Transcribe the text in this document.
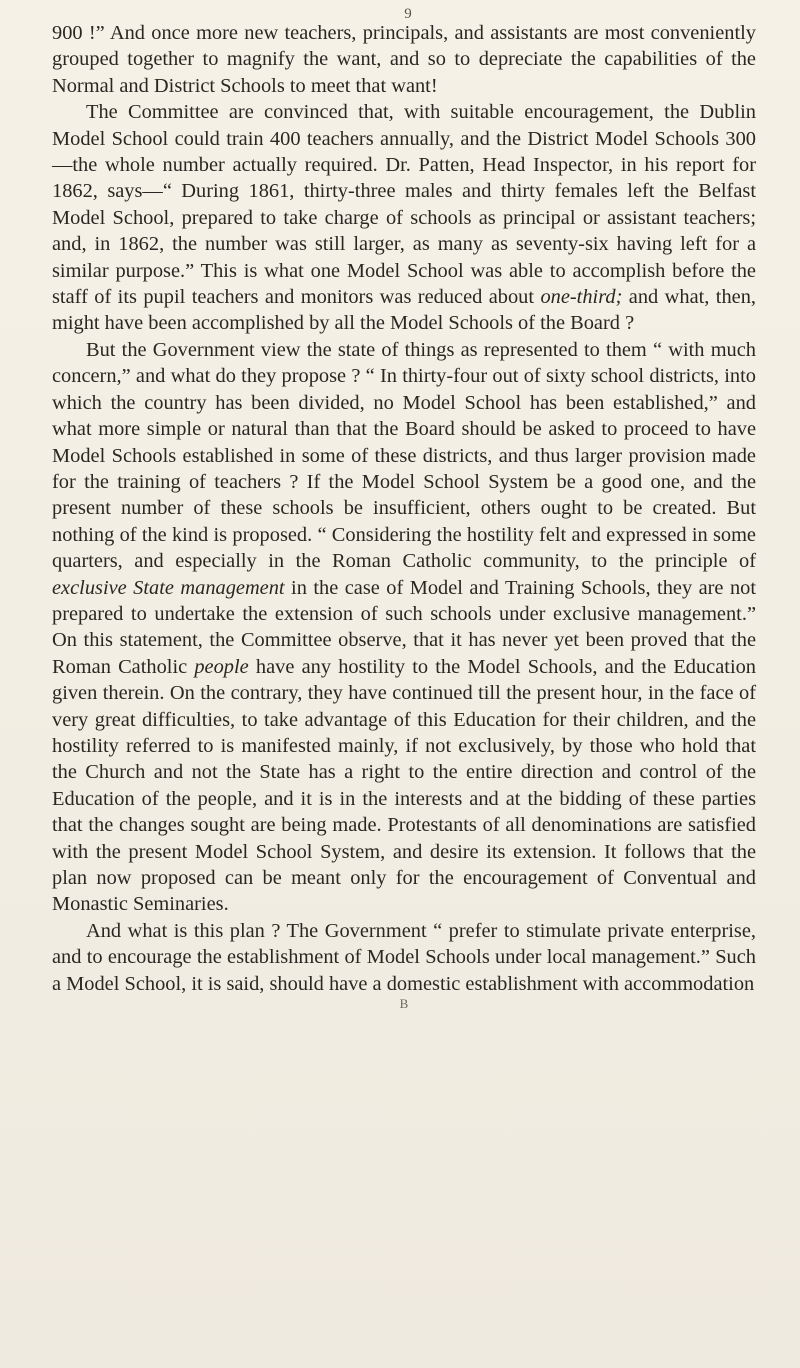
9

900 !” And once more new teachers, principals, and assistants are most conveniently grouped together to magnify the want, and so to depreciate the capabilities of the Normal and District Schools to meet that want!

The Committee are convinced that, with suitable encouragement, the Dublin Model School could train 400 teachers annually, and the District Model Schools 300—the whole number actually required. Dr. Patten, Head Inspector, in his report for 1862, says—“ During 1861, thirty-three males and thirty females left the Belfast Model School, prepared to take charge of schools as principal or assistant teachers; and, in 1862, the number was still larger, as many as seventy-six having left for a similar purpose.” This is what one Model School was able to accomplish before the staff of its pupil teachers and monitors was reduced about one-third; and what, then, might have been accomplished by all the Model Schools of the Board ?

But the Government view the state of things as represented to them “ with much concern,” and what do they propose ? “ In thirty-four out of sixty school districts, into which the country has been divided, no Model School has been established,” and what more simple or natural than that the Board should be asked to proceed to have Model Schools established in some of these districts, and thus larger provision made for the training of teachers ? If the Model School System be a good one, and the present number of these schools be insufficient, others ought to be created. But nothing of the kind is proposed. “ Considering the hostility felt and expressed in some quarters, and especially in the Roman Catholic community, to the principle of exclusive State management in the case of Model and Training Schools, they are not prepared to undertake the extension of such schools under exclusive management.” On this statement, the Committee observe, that it has never yet been proved that the Roman Catholic people have any hostility to the Model Schools, and the Education given therein. On the contrary, they have continued till the present hour, in the face of very great difficulties, to take advantage of this Education for their children, and the hostility referred to is manifested mainly, if not exclusively, by those who hold that the Church and not the State has a right to the entire direction and control of the Education of the people, and it is in the interests and at the bidding of these parties that the changes sought are being made. Protestants of all denominations are satisfied with the present Model School System, and desire its extension. It follows that the plan now proposed can be meant only for the encouragement of Conventual and Monastic Seminaries.

And what is this plan ? The Government “ prefer to stimulate private enterprise, and to encourage the establishment of Model Schools under local management.” Such a Model School, it is said, should have a domestic establishment with accommodation

B
